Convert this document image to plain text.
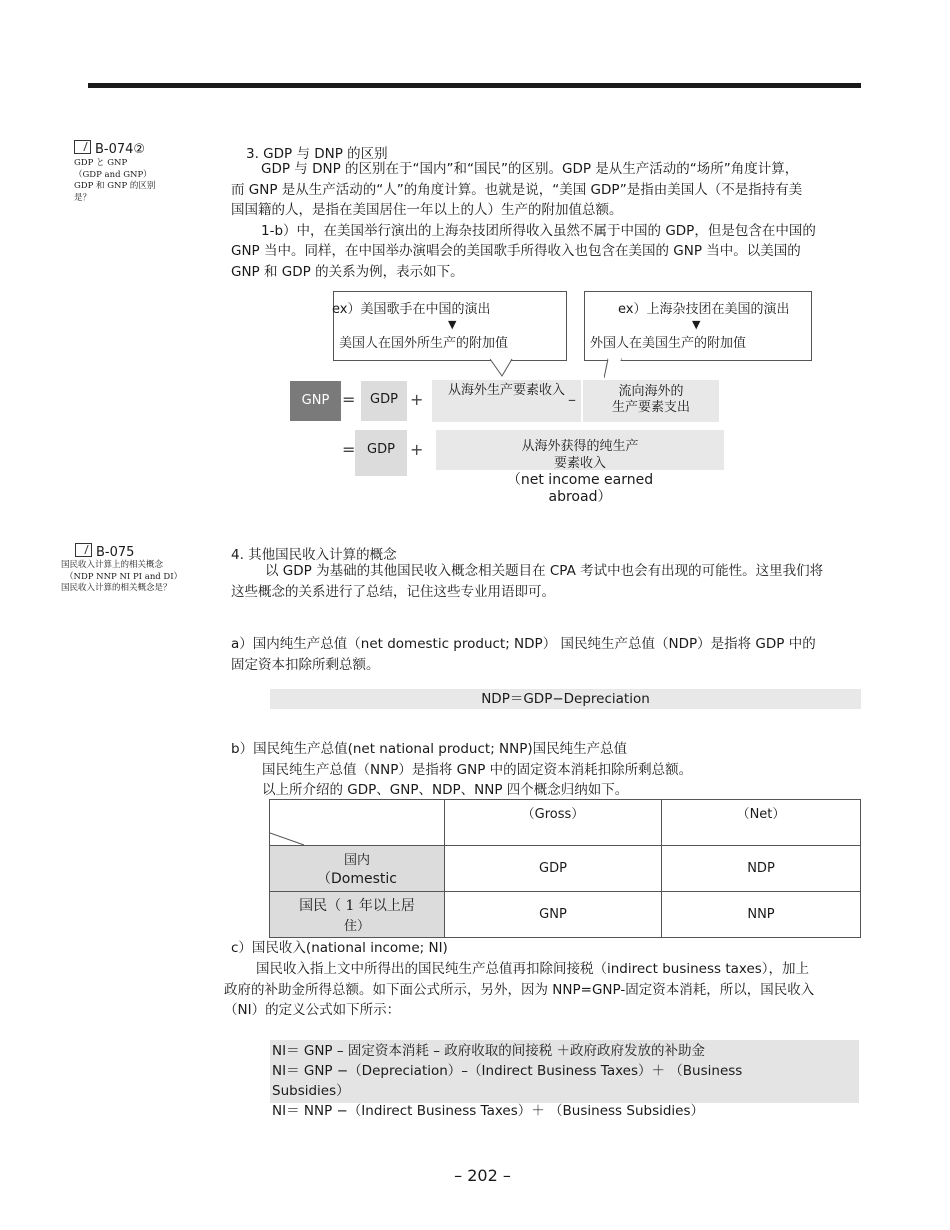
B-074②
GDP と GNP
（GDP and GNP）
GDP 和 GNP 的区别
是？
3. GDP 与 DNP 的区别
GDP 与 DNP 的区别在于“国内”和“国民”的区别。GDP 是从生产活动的“场所”角度计算，
而 GNP 是从生产活动的“人”的角度计算。也就是说，“美国 GDP”是指由美国人（不是指持有美
国国籍的人，是指在美国居住一年以上的人）生产的附加值总额。
1-b）中，在美国举行演出的上海杂技团所得收入虽然不属于中国的 GDP，但是包含在中国的
GNP 当中。同样，在中国举办演唱会的美国歌手所得收入也包含在美国的 GNP 当中。以美国的
GNP 和 GDP 的关系为例，表示如下。
ex）美国歌手在中国的演出
▼
美国人在国外所生产的附加值
ex）上海杂技团在美国的演出
▼
外国人在美国生产的附加值
GNP =	GDP +	从海外生产要素收入 –	流向海外的
生产要素支出
= GDP +	从海外获得的纯生产
要素收入
（net income earned
abroad）
B-075
国民收入计算上的相关概念
（NDP NNP NI PI and DI）
国民收入计算的相关概念是？
4. 其他国民收入计算的概念
以 GDP 为基础的其他国民收入概念相关题目在 CPA 考试中也会有出现的可能性。这里我们将
这些概念的关系进行了总结，记住这些专业用语即可。
a）国内纯生产总值（net domestic product; NDP） 国民纯生产总值（NDP）是指将 GDP 中的
固定资本扣除所剩总额。
NDP＝GDP−Depreciation
b）国民纯生产总值(net national product; NNP)国民纯生产总值
国民纯生产总值（NNP）是指将 GNP 中的固定资本消耗扣除所剩总额。
以上所介绍的 GDP、GNP、NDP、NNP 四个概念归纳如下。
	（Gross）	（Net）

国内
（Domestic	GDP	NDP

国民（ 1 年以上居
住）	GNP	NNP
c）国民收入(national income; NI)
国民收入指上文中所得出的国民纯生产总值再扣除间接税（indirect business taxes），加上
政府的补助金所得总额。如下面公式所示，另外，因为 NNP=GNP-固定资本消耗，所以，国民收入
（NI）的定义公式如下所示：
NI＝ GNP – 固定资本消耗 – 政府收取的间接税 ＋政府政府发放的补助金
NI＝ GNP −（Depreciation）–（Indirect Business Taxes）＋ （Business
Subsidies）
NI＝ NNP −（Indirect Business Taxes）＋ （Business Subsidies）
– 202 –
